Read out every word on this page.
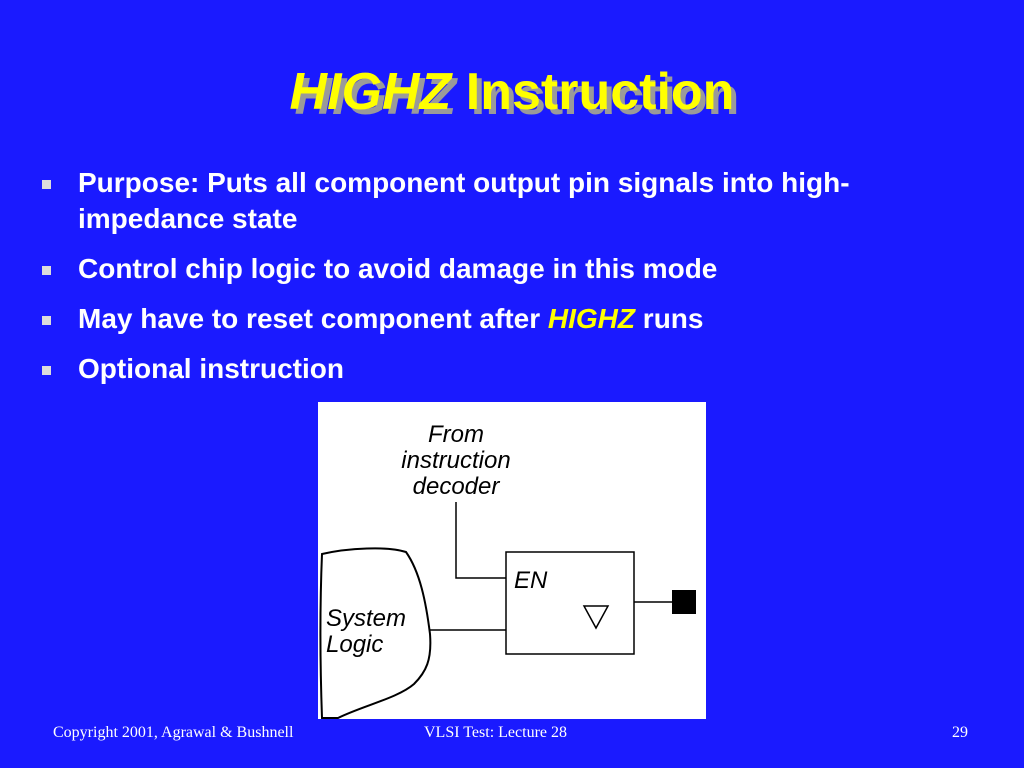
HIGHZ Instruction
Purpose: Puts all component output pin signals into high-impedance state
Control chip logic to avoid damage in this mode
May have to reset component after HIGHZ runs
Optional instruction
From
instruction
decoder
EN
System
Logic
Copyright 2001, Agrawal & Bushnell	VLSI Test: Lecture 28	29
